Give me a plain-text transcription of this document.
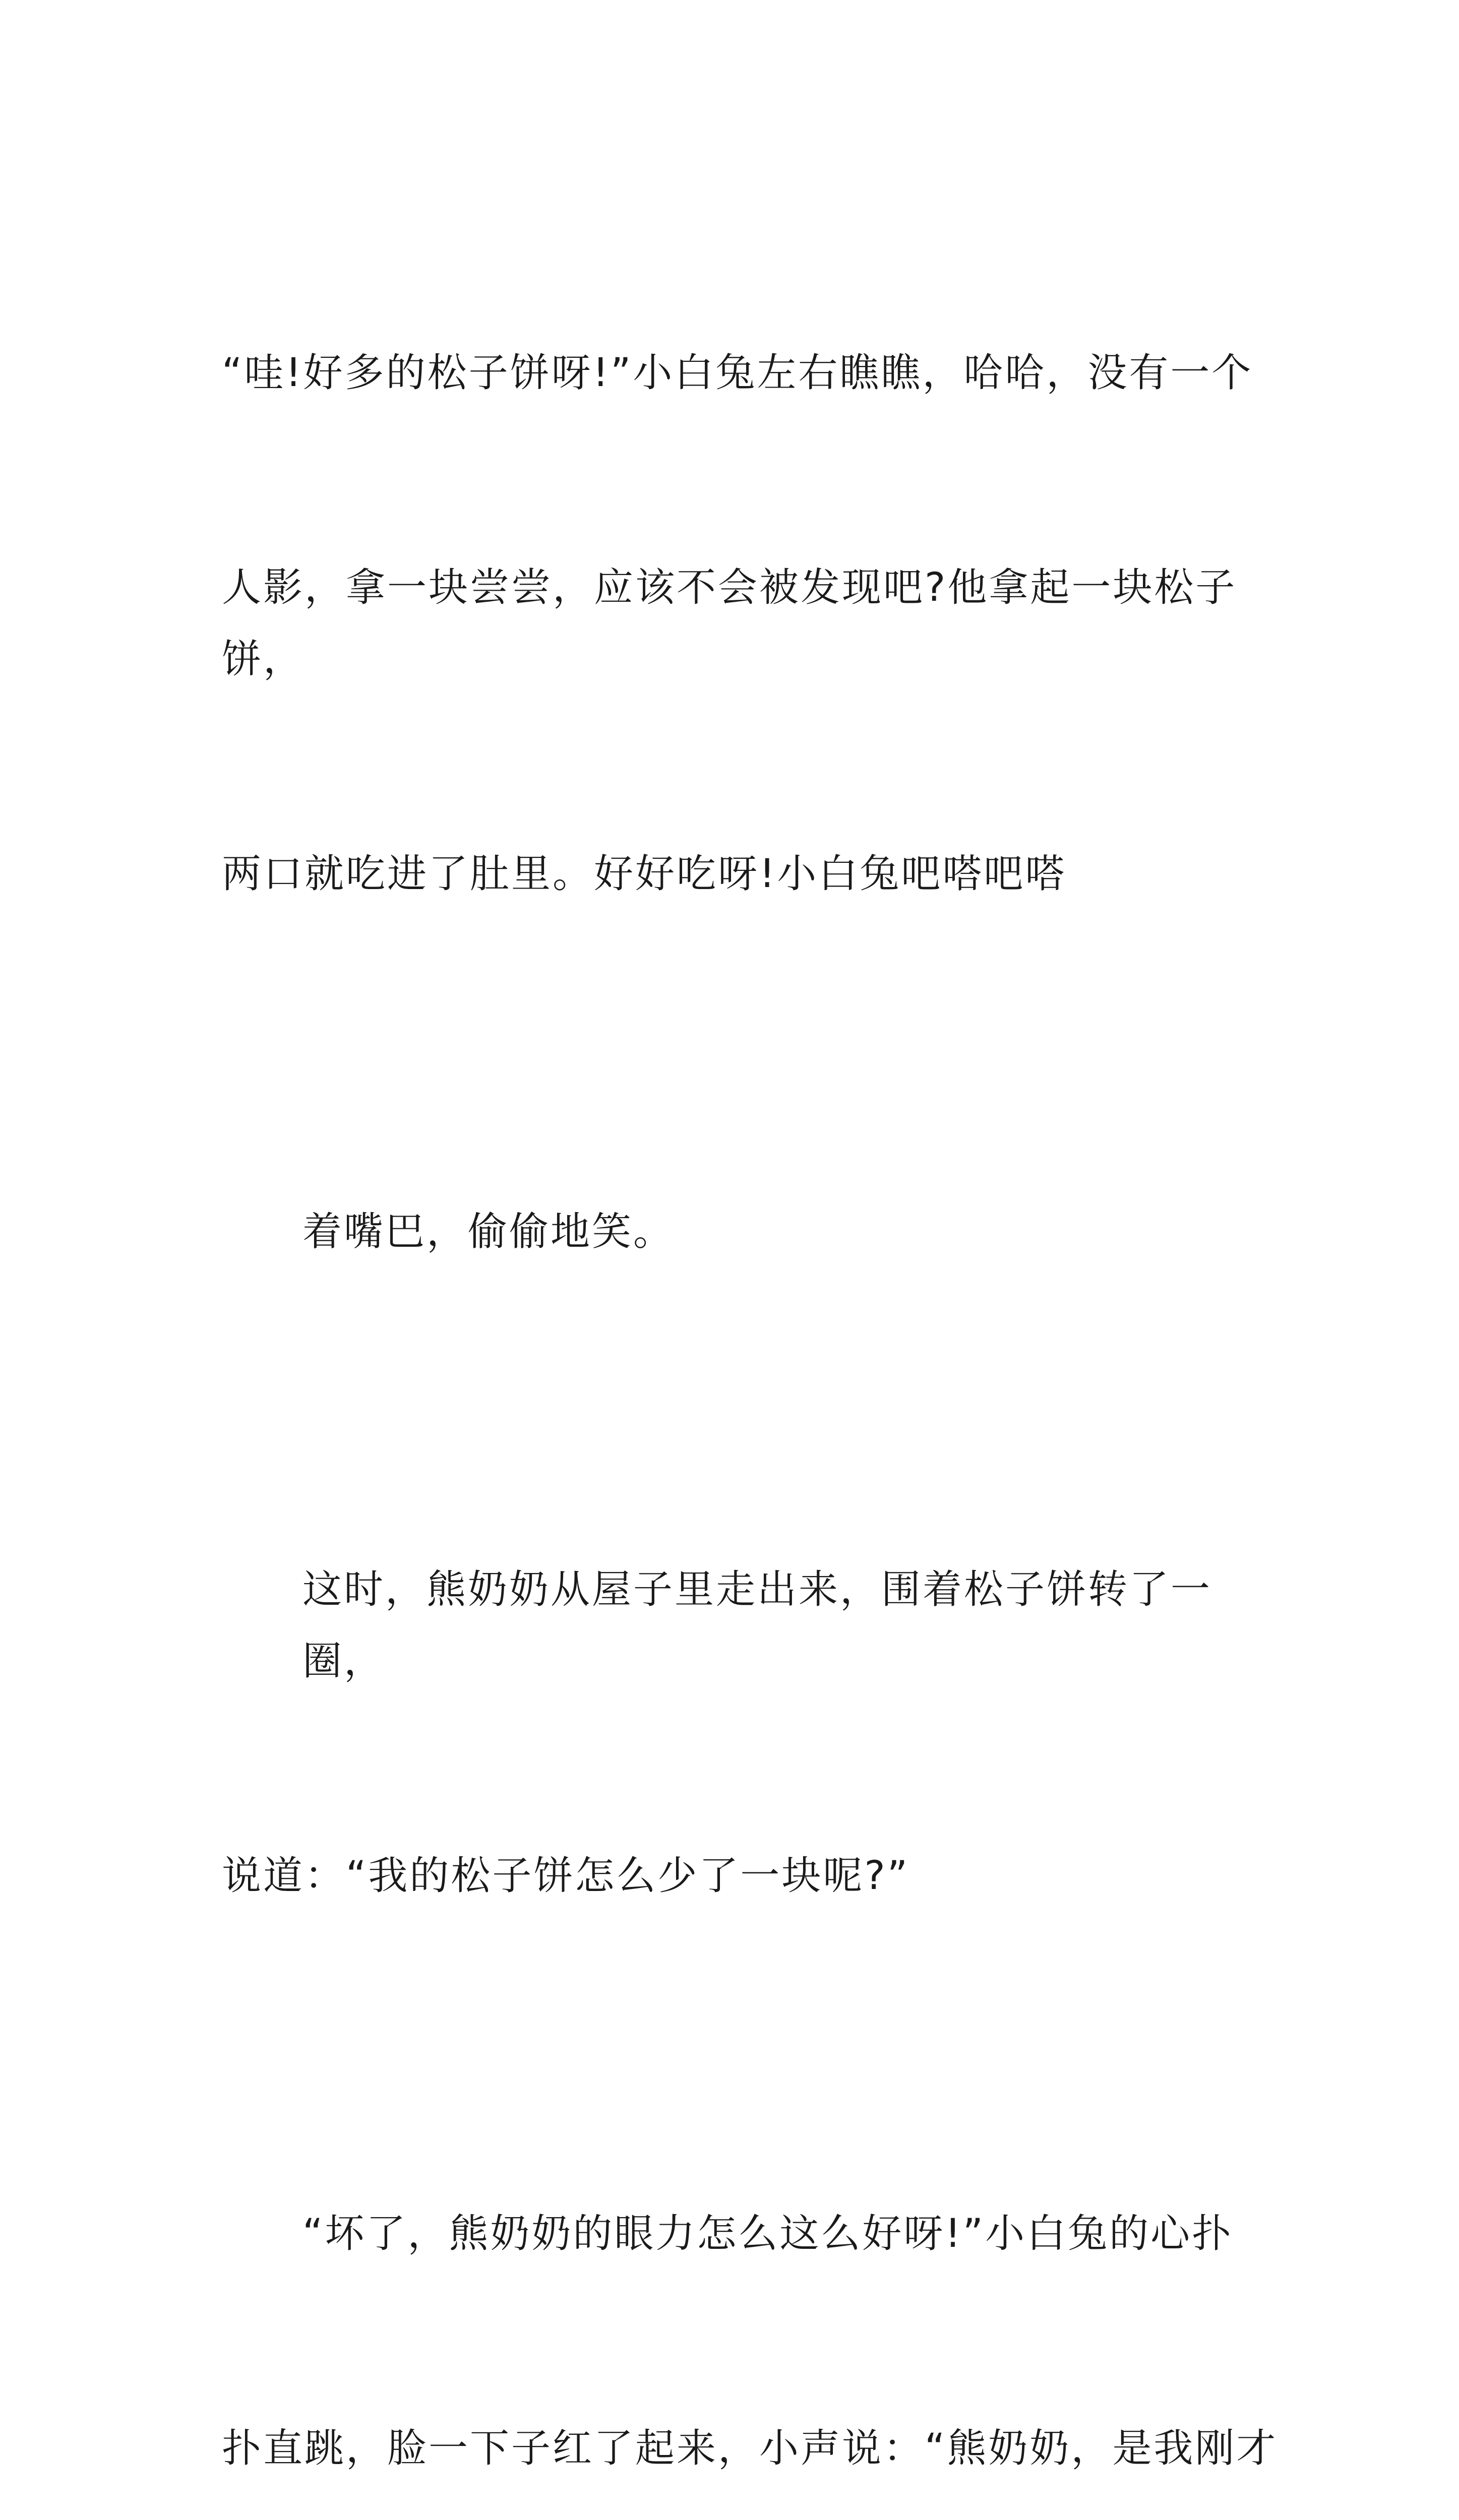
“哇!好多的松子饼呀!”小白兔左右瞧瞧，哈哈，没有一个

人影，拿一块尝尝，应该不会被发现吧?他拿起一块松子饼，

两口就吃进了肚里。好好吃呀!小白兔吧嗒吧嗒

着嘴巴，偷偷地笑。

这时，熊奶奶从屋子里走出来，围着松子饼转了一圈，

说道：“我的松子饼怎么少了一块呢?”

“坏了，熊奶奶的眼力怎么这么好呀!”小白兔的心扑

扑直跳，脸一下子红了起来，小声说：“熊奶奶，是我刚才
